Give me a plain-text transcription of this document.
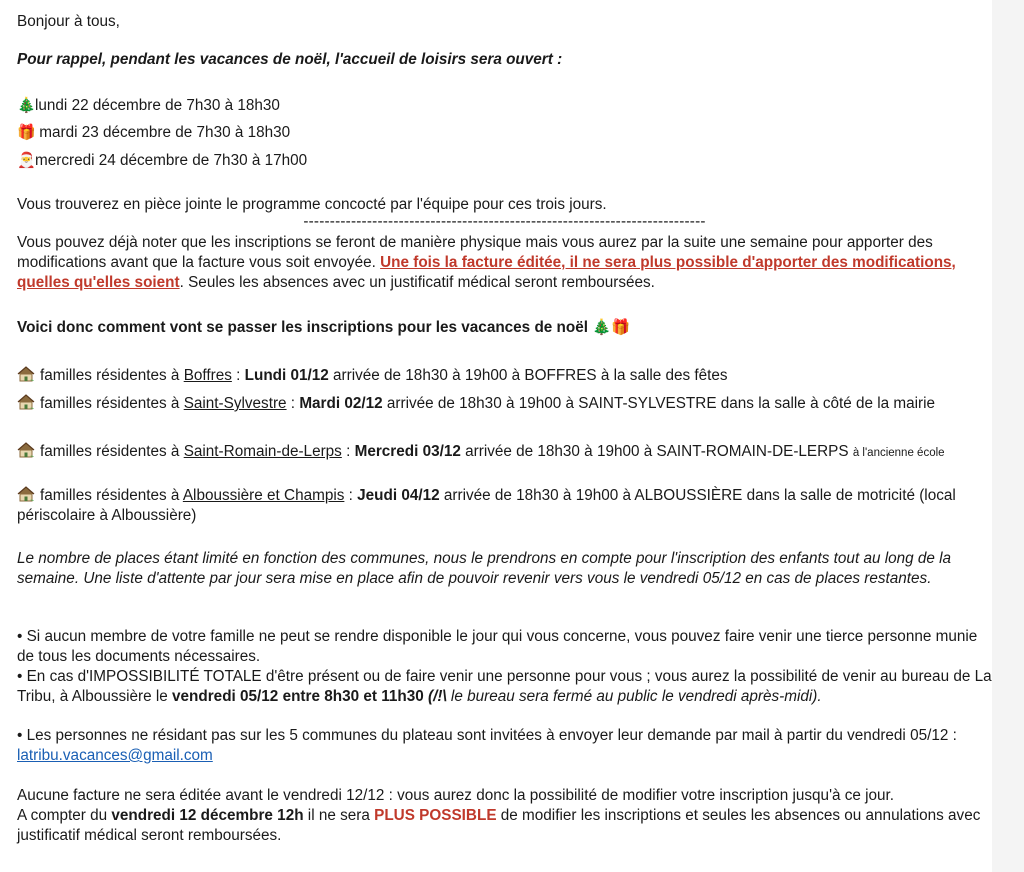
Bonjour à tous,

Pour rappel, pendant les vacances de noël, l'accueil de loisirs sera ouvert :

🎄lundi 22 décembre de 7h30 à 18h30

🎁 mardi 23 décembre de 7h30 à 18h30

🎅mercredi 24 décembre de 7h30 à 17h00

Vous trouverez en pièce jointe le programme concocté par l'équipe pour ces trois jours.

----------------------------------------------------------------------------

Vous pouvez déjà noter que les inscriptions se feront de manière physique mais vous aurez par la suite une semaine pour apporter des modifications avant que la facture vous soit envoyée. Une fois la facture éditée, il ne sera plus possible d'apporter des modifications, quelles qu'elles soient. Seules les absences avec un justificatif médical seront remboursées.

Voici donc comment vont se passer les inscriptions pour les vacances de noël 🎄🎁

familles résidentes à Boffres : Lundi 01/12 arrivée de 18h30 à 19h00 à BOFFRES à la salle des fêtes

familles résidentes à Saint-Sylvestre : Mardi 02/12 arrivée de 18h30 à 19h00 à SAINT-SYLVESTRE dans la salle à côté de la mairie

familles résidentes à Saint-Romain-de-Lerps : Mercredi 03/12 arrivée de 18h30 à 19h00 à SAINT-ROMAIN-DE-LERPS à l'ancienne école

familles résidentes à Alboussière et Champis : Jeudi 04/12 arrivée de 18h30 à 19h00 à ALBOUSSIÈRE dans la salle de motricité (local périscolaire à Alboussière)

Le nombre de places étant limité en fonction des communes, nous le prendrons en compte pour l'inscription des enfants tout au long de la semaine. Une liste d'attente par jour sera mise en place afin de pouvoir revenir vers vous le vendredi 05/12 en cas de places restantes.

• Si aucun membre de votre famille ne peut se rendre disponible le jour qui vous concerne, vous pouvez faire venir une tierce personne munie de tous les documents nécessaires.

• En cas d'IMPOSSIBILITÉ TOTALE d'être présent ou de faire venir une personne pour vous ; vous aurez la possibilité de venir au bureau de La Tribu, à Alboussière le vendredi 05/12 entre 8h30 et 11h30 (/!\ le bureau sera fermé au public le vendredi après-midi).

• Les personnes ne résidant pas sur les 5 communes du plateau sont invitées à envoyer leur demande par mail à partir du vendredi 05/12 : latribu.vacances@gmail.com

Aucune facture ne sera éditée avant le vendredi 12/12 : vous aurez donc la possibilité de modifier votre inscription jusqu'à ce jour.
A compter du vendredi 12 décembre 12h il ne sera PLUS POSSIBLE de modifier les inscriptions et seules les absences ou annulations avec justificatif médical seront remboursées.
